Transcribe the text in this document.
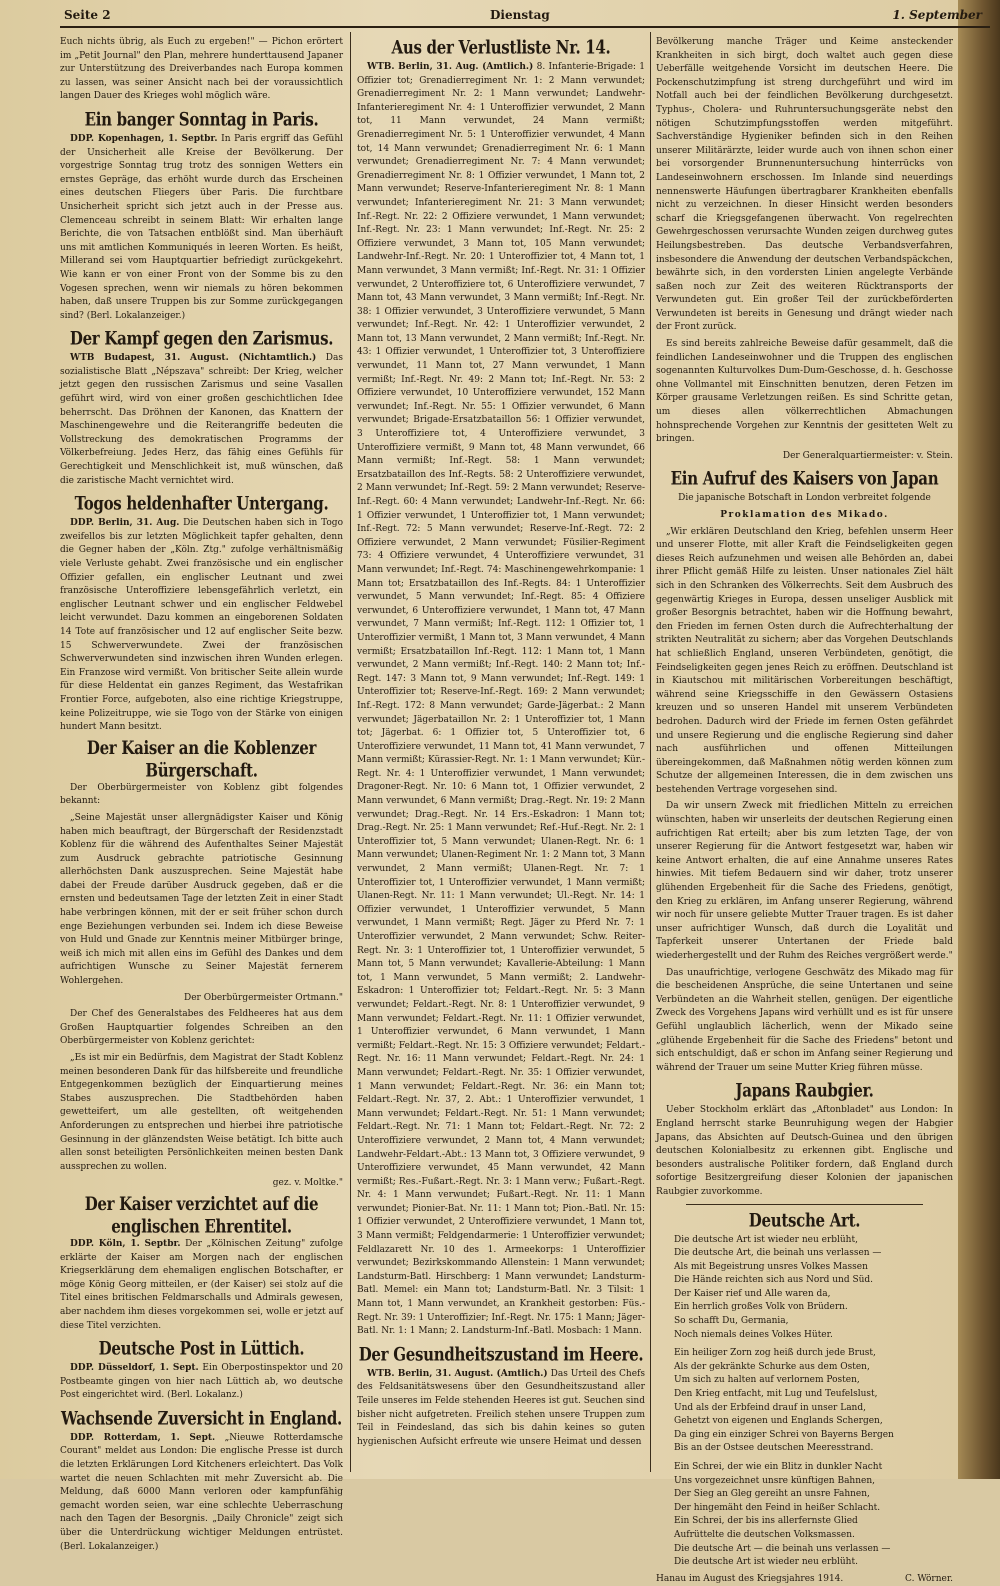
Seite 2	Dienstag	1. September

Euch nichts übrig, als Euch zu ergeben!" — Pichon erörtert im „Petit Journal" den Plan, mehrere hunderttausend Japaner zur Unterstützung des Dreiverbandes nach Europa kommen zu lassen, was seiner Ansicht nach bei der voraussichtlich langen Dauer des Krieges wohl möglich wäre.

Ein banger Sonntag in Paris.

DDP. Kopenhagen, 1. Septbr. In Paris ergriff das Gefühl der Unsicherheit alle Kreise der Bevölkerung. Der vorgestrige Sonntag trug trotz des sonnigen Wetters ein ernstes Gepräge, das erhöht wurde durch das Erscheinen eines deutschen Fliegers über Paris. Die furchtbare Unsicherheit spricht sich jetzt auch in der Presse aus. Clemenceau schreibt in seinem Blatt: Wir erhalten lange Berichte, die von Tatsachen entblößt sind. Man überhäuft uns mit amtlichen Kommuniqués in leeren Worten. Es heißt, Millerand sei vom Hauptquartier befriedigt zurückgekehrt. Wie kann er von einer Front von der Somme bis zu den Vogesen sprechen, wenn wir niemals zu hören bekommen haben, daß unsere Truppen bis zur Somme zurückgegangen sind? (Berl. Lokalanzeiger.)

Der Kampf gegen den Zarismus.

WTB Budapest, 31. August. (Nichtamtlich.) Das sozialistische Blatt „Népszava" schreibt: Der Krieg, welcher jetzt gegen den russischen Zarismus und seine Vasallen geführt wird, wird von einer großen geschichtlichen Idee beherrscht. Das Dröhnen der Kanonen, das Knattern der Maschinengewehre und die Reiterangriffe bedeuten die Vollstreckung des demokratischen Programms der Völkerbefreiung. Jedes Herz, das fähig eines Gefühls für Gerechtigkeit und Menschlichkeit ist, muß wünschen, daß die zaristische Macht vernichtet wird.

Togos heldenhafter Untergang.

DDP. Berlin, 31. Aug. Die Deutschen haben sich in Togo zweifellos bis zur letzten Möglichkeit tapfer gehalten, denn die Gegner haben der „Köln. Ztg." zufolge verhältnismäßig viele Verluste gehabt. Zwei französische und ein englischer Offizier gefallen, ein englischer Leutnant und zwei französische Unteroffiziere lebensgefährlich verletzt, ein englischer Leutnant schwer und ein englischer Feldwebel leicht verwundet. Dazu kommen an eingeborenen Soldaten 14 Tote auf französischer und 12 auf englischer Seite bezw. 15 Schwerverwundete. Zwei der französischen Schwerverwundeten sind inzwischen ihren Wunden erlegen. Ein Franzose wird vermißt. Von britischer Seite allein wurde für diese Heldentat ein ganzes Regiment, das Westafrikan Frontier Force, aufgeboten, also eine richtige Kriegstruppe, keine Polizeitruppe, wie sie Togo von der Stärke von einigen hundert Mann besitzt.

Der Kaiser an die Koblenzer Bürgerschaft.

Der Oberbürgermeister von Koblenz gibt folgendes bekannt:

„Seine Majestät unser allergnädigster Kaiser und König haben mich beauftragt, der Bürgerschaft der Residenzstadt Koblenz für die während des Aufenthaltes Seiner Majestät zum Ausdruck gebrachte patriotische Gesinnung allerhöchsten Dank auszusprechen. Seine Majestät habe dabei der Freude darüber Ausdruck gegeben, daß er die ernsten und bedeutsamen Tage der letzten Zeit in einer Stadt habe verbringen können, mit der er seit früher schon durch enge Beziehungen verbunden sei. Indem ich diese Beweise von Huld und Gnade zur Kenntnis meiner Mitbürger bringe, weiß ich mich mit allen eins im Gefühl des Dankes und dem aufrichtigen Wunsche zu Seiner Majestät fernerem Wohlergehen.

Der Oberbürgermeister Ortmann."

Der Chef des Generalstabes des Feldheeres hat aus dem Großen Hauptquartier folgendes Schreiben an den Oberbürgermeister von Koblenz gerichtet:

„Es ist mir ein Bedürfnis, dem Magistrat der Stadt Koblenz meinen besonderen Dank für das hilfsbereite und freundliche Entgegenkommen bezüglich der Einquartierung meines Stabes auszusprechen. Die Stadtbehörden haben gewetteifert, um alle gestellten, oft weitgehenden Anforderungen zu entsprechen und hierbei ihre patriotische Gesinnung in der glänzendsten Weise betätigt. Ich bitte auch allen sonst beteiligten Persönlichkeiten meinen besten Dank aussprechen zu wollen.

gez. v. Moltke."

Der Kaiser verzichtet auf die englischen Ehrentitel.

DDP. Köln, 1. Septbr. Der „Kölnischen Zeitung" zufolge erklärte der Kaiser am Morgen nach der englischen Kriegserklärung dem ehemaligen englischen Botschafter, er möge König Georg mitteilen, er (der Kaiser) sei stolz auf die Titel eines britischen Feldmarschalls und Admirals gewesen, aber nachdem ihm dieses vorgekommen sei, wolle er jetzt auf diese Titel verzichten.

Deutsche Post in Lüttich.

DDP. Düsseldorf, 1. Sept. Ein Oberpostinspektor und 20 Postbeamte gingen von hier nach Lüttich ab, wo deutsche Post eingerichtet wird. (Berl. Lokalanz.)

Wachsende Zuversicht in England.

DDP. Rotterdam, 1. Sept. „Nieuwe Rotterdamsche Courant" meldet aus London: Die englische Presse ist durch die letzten Erklärungen Lord Kitcheners erleichtert. Das Volk wartet die neuen Schlachten mit mehr Zuversicht ab. Die Meldung, daß 6000 Mann verloren oder kampfunfähig gemacht worden seien, war eine schlechte Ueberraschung nach den Tagen der Besorgnis. „Daily Chronicle" zeigt sich über die Unterdrückung wichtiger Meldungen entrüstet. (Berl. Lokalanzeiger.)

Aus der Verlustliste Nr. 14.

WTB. Berlin, 31. Aug. (Amtlich.) 8. Infanterie-Brigade: 1 Offizier tot; Grenadierregiment Nr. 1: 2 Mann verwundet; Grenadierregiment Nr. 2: 1 Mann verwundet; Landwehr-Infanterieregiment Nr. 4: 1 Unteroffizier verwundet, 2 Mann tot, 11 Mann verwundet, 24 Mann vermißt; Grenadierregiment Nr. 5: 1 Unteroffizier verwundet, 4 Mann tot, 14 Mann verwundet; Grenadierregiment Nr. 6: 1 Mann verwundet; Grenadierregiment Nr. 7: 4 Mann verwundet; Grenadierregiment Nr. 8: 1 Offizier verwundet, 1 Mann tot, 2 Mann verwundet; Reserve-Infanterieregiment Nr. 8: 1 Mann verwundet; Infanterieregiment Nr. 21: 3 Mann verwundet; Inf.-Regt. Nr. 22: 2 Offiziere verwundet, 1 Mann verwundet; Inf.-Regt. Nr. 23: 1 Mann verwundet; Inf.-Regt. Nr. 25: 2 Offiziere verwundet, 3 Mann tot, 105 Mann verwundet; Landwehr-Inf.-Regt. Nr. 20: 1 Unteroffizier tot, 4 Mann tot, 1 Mann verwundet, 3 Mann vermißt; Inf.-Regt. Nr. 31: 1 Offizier verwundet, 2 Unteroffiziere tot, 6 Unteroffiziere verwundet, 7 Mann tot, 43 Mann verwundet, 3 Mann vermißt; Inf.-Regt. Nr. 38: 1 Offizier verwundet, 3 Unteroffiziere verwundet, 5 Mann verwundet; Inf.-Regt. Nr. 42: 1 Unteroffizier verwundet, 2 Mann tot, 13 Mann verwundet, 2 Mann vermißt; Inf.-Regt. Nr. 43: 1 Offizier verwundet, 1 Unteroffizier tot, 3 Unteroffiziere verwundet, 11 Mann tot, 27 Mann verwundet, 1 Mann vermißt; Inf.-Regt. Nr. 49: 2 Mann tot; Inf.-Regt. Nr. 53: 2 Offiziere verwundet, 10 Unteroffiziere verwundet, 152 Mann verwundet; Inf.-Regt. Nr. 55: 1 Offizier verwundet, 6 Mann verwundet; Brigade-Ersatzbataillon 56: 1 Offizier verwundet, 3 Unteroffiziere tot, 4 Unteroffiziere verwundet, 3 Unteroffiziere vermißt, 9 Mann tot, 48 Mann verwundet, 66 Mann vermißt; Inf.-Regt. 58: 1 Mann verwundet; Ersatzbataillon des Inf.-Regts. 58: 2 Unteroffiziere verwundet, 2 Mann verwundet; Inf.-Regt. 59: 2 Mann verwundet; Reserve-Inf.-Regt. 60: 4 Mann verwundet; Landwehr-Inf.-Regt. Nr. 66: 1 Offizier verwundet, 1 Unteroffizier tot, 1 Mann verwundet; Inf.-Regt. 72: 5 Mann verwundet; Reserve-Inf.-Regt. 72: 2 Offiziere verwundet, 2 Mann verwundet; Füsilier-Regiment 73: 4 Offiziere verwundet, 4 Unteroffiziere verwundet, 31 Mann verwundet; Inf.-Regt. 74: Maschinengewehrkompanie: 1 Mann tot; Ersatzbataillon des Inf.-Regts. 84: 1 Unteroffizier verwundet, 5 Mann verwundet; Inf.-Regt. 85: 4 Offiziere verwundet, 6 Unteroffiziere verwundet, 1 Mann tot, 47 Mann verwundet, 7 Mann vermißt; Inf.-Regt. 112: 1 Offizier tot, 1 Unteroffizier vermißt, 1 Mann tot, 3 Mann verwundet, 4 Mann vermißt; Ersatzbataillon Inf.-Regt. 112: 1 Mann tot, 1 Mann verwundet, 2 Mann vermißt; Inf.-Regt. 140: 2 Mann tot; Inf.-Regt. 147: 3 Mann tot, 9 Mann verwundet; Inf.-Regt. 149: 1 Unteroffizier tot; Reserve-Inf.-Regt. 169: 2 Mann verwundet; Inf.-Regt. 172: 8 Mann verwundet; Garde-Jägerbat.: 2 Mann verwundet; Jägerbataillon Nr. 2: 1 Unteroffizier tot, 1 Mann tot; Jägerbat. 6: 1 Offizier tot, 5 Unteroffizier tot, 6 Unteroffiziere verwundet, 11 Mann tot, 41 Mann verwundet, 7 Mann vermißt; Kürassier-Regt. Nr. 1: 1 Mann verwundet; Kür.-Regt. Nr. 4: 1 Unteroffizier verwundet, 1 Mann verwundet; Dragoner-Regt. Nr. 10: 6 Mann tot, 1 Offizier verwundet, 2 Mann verwundet, 6 Mann vermißt; Drag.-Regt. Nr. 19: 2 Mann verwundet; Drag.-Regt. Nr. 14 Ers.-Eskadron: 1 Mann tot; Drag.-Regt. Nr. 25: 1 Mann verwundet; Ref.-Huf.-Regt. Nr. 2: 1 Unteroffizier tot, 5 Mann verwundet; Ulanen-Regt. Nr. 6: 1 Mann verwundet; Ulanen-Regiment Nr. 1: 2 Mann tot, 3 Mann verwundet, 2 Mann vermißt; Ulanen-Regt. Nr. 7: 1 Unteroffizier tot, 1 Unteroffizier verwundet, 1 Mann vermißt; Ulanen-Regt. Nr. 11: 1 Mann verwundet; Ul.-Regt. Nr. 14: 1 Offizier verwundet, 1 Unteroffizier verwundet, 5 Mann verwundet, 1 Mann vermißt; Regt. Jäger zu Pferd Nr. 7: 1 Unteroffizier verwundet, 2 Mann verwundet; Schw. Reiter-Regt. Nr. 3: 1 Unteroffizier tot, 1 Unteroffizier verwundet, 5 Mann tot, 5 Mann verwundet; Kavallerie-Abteilung: 1 Mann tot, 1 Mann verwundet, 5 Mann vermißt; 2. Landwehr-Eskadron: 1 Unteroffizier tot; Feldart.-Regt. Nr. 5: 3 Mann verwundet; Feldart.-Regt. Nr. 8: 1 Unteroffizier verwundet, 9 Mann verwundet; Feldart.-Regt. Nr. 11: 1 Offizier verwundet, 1 Unteroffizier verwundet, 6 Mann verwundet, 1 Mann vermißt; Feldart.-Regt. Nr. 15: 3 Offiziere verwundet; Feldart.-Regt. Nr. 16: 11 Mann verwundet; Feldart.-Regt. Nr. 24: 1 Mann verwundet; Feldart.-Regt. Nr. 35: 1 Offizier verwundet, 1 Mann verwundet; Feldart.-Regt. Nr. 36: ein Mann tot; Feldart.-Regt. Nr. 37, 2. Abt.: 1 Unteroffizier verwundet, 1 Mann verwundet; Feldart.-Regt. Nr. 51: 1 Mann verwundet; Feldart.-Regt. Nr. 71: 1 Mann tot; Feldart.-Regt. Nr. 72: 2 Unteroffiziere verwundet, 2 Mann tot, 4 Mann verwundet; Landwehr-Feldart.-Abt.: 13 Mann tot, 3 Offiziere verwundet, 9 Unteroffiziere verwundet, 45 Mann verwundet, 42 Mann vermißt; Res.-Fußart.-Regt. Nr. 3: 1 Mann verw.; Fußart.-Regt. Nr. 4: 1 Mann verwundet; Fußart.-Regt. Nr. 11: 1 Mann verwundet; Pionier-Bat. Nr. 11: 1 Mann tot; Pion.-Batl. Nr. 15: 1 Offizier verwundet, 2 Unteroffiziere verwundet, 1 Mann tot, 3 Mann vermißt; Feldgendarmerie: 1 Unteroffizier verwundet; Feldlazarett Nr. 10 des 1. Armeekorps: 1 Unteroffizier verwundet; Bezirkskommando Allenstein: 1 Mann verwundet; Landsturm-Batl. Hirschberg: 1 Mann verwundet; Landsturm-Batl. Memel: ein Mann tot; Landsturm-Batl. Nr. 3 Tilsit: 1 Mann tot, 1 Mann verwundet, an Krankheit gestorben: Füs.-Regt. Nr. 39: 1 Unteroffizier; Inf.-Regt. Nr. 175: 1 Mann; Jäger-Batl. Nr. 1: 1 Mann; 2. Landsturm-Inf.-Batl. Mosbach: 1 Mann.

Der Gesundheitszustand im Heere.

WTB. Berlin, 31. August. (Amtlich.) Das Urteil des Chefs des Feldsanitätswesens über den Gesundheitszustand aller Teile unseres im Felde stehenden Heeres ist gut. Seuchen sind bisher nicht aufgetreten. Freilich stehen unsere Truppen zum Teil in Feindesland, das sich bis dahin keines so guten hygienischen Aufsicht erfreute wie unsere Heimat und dessen

Bevölkerung manche Träger und Keime ansteckender Krankheiten in sich birgt, doch waltet auch gegen diese Ueberfälle weitgehende Vorsicht im deutschen Heere. Die Pockenschutzimpfung ist streng durchgeführt und wird im Notfall auch bei der feindlichen Bevölkerung durchgesetzt. Typhus-, Cholera- und Ruhruntersuchungsgeräte nebst den nötigen Schutzimpfungsstoffen werden mitgeführt. Sachverständige Hygieniker befinden sich in den Reihen unserer Militärärzte, leider wurde auch von ihnen schon einer bei vorsorgender Brunnenuntersuchung hinterrücks von Landeseinwohnern erschossen. Im Inlande sind neuerdings nennenswerte Häufungen übertragbarer Krankheiten ebenfalls nicht zu verzeichnen. In dieser Hinsicht werden besonders scharf die Kriegsgefangenen überwacht. Von regelrechten Gewehrgeschossen verursachte Wunden zeigen durchweg gutes Heilungsbestreben. Das deutsche Verbandsverfahren, insbesondere die Anwendung der deutschen Verbandspäckchen, bewährte sich, in den vordersten Linien angelegte Verbände saßen noch zur Zeit des weiteren Rücktransports der Verwundeten gut. Ein großer Teil der zurückbeförderten Verwundeten ist bereits in Genesung und drängt wieder nach der Front zurück.

Es sind bereits zahlreiche Beweise dafür gesammelt, daß die feindlichen Landeseinwohner und die Truppen des englischen sogenannten Kulturvolkes Dum-Dum-Geschosse, d. h. Geschosse ohne Vollmantel mit Einschnitten benutzen, deren Fetzen im Körper grausame Verletzungen reißen. Es sind Schritte getan, um dieses allen völkerrechtlichen Abmachungen hohnsprechende Vorgehen zur Kenntnis der gesitteten Welt zu bringen.

Der Generalquartiermeister: v. Stein.

Ein Aufruf des Kaisers von Japan

Die japanische Botschaft in London verbreitet folgende

Proklamation des Mikado.

„Wir erklären Deutschland den Krieg, befehlen unserm Heer und unserer Flotte, mit aller Kraft die Feindseligkeiten gegen dieses Reich aufzunehmen und weisen alle Behörden an, dabei ihrer Pflicht gemäß Hilfe zu leisten. Unser nationales Ziel hält sich in den Schranken des Völkerrechts. Seit dem Ausbruch des gegenwärtig Krieges in Europa, dessen unseliger Ausblick mit großer Besorgnis betrachtet, haben wir die Hoffnung bewahrt, den Frieden im fernen Osten durch die Aufrechterhaltung der strikten Neutralität zu sichern; aber das Vorgehen Deutschlands hat schließlich England, unseren Verbündeten, genötigt, die Feindseligkeiten gegen jenes Reich zu eröffnen. Deutschland ist in Kiautschou mit militärischen Vorbereitungen beschäftigt, während seine Kriegsschiffe in den Gewässern Ostasiens kreuzen und so unseren Handel mit unserem Verbündeten bedrohen. Dadurch wird der Friede im fernen Osten gefährdet und unsere Regierung und die englische Regierung sind daher nach ausführlichen und offenen Mitteilungen übereingekommen, daß Maßnahmen nötig werden können zum Schutze der allgemeinen Interessen, die in dem zwischen uns bestehenden Vertrage vorgesehen sind.

Da wir unsern Zweck mit friedlichen Mitteln zu erreichen wünschten, haben wir unserleits der deutschen Regierung einen aufrichtigen Rat erteilt; aber bis zum letzten Tage, der von unserer Regierung für die Antwort festgesetzt war, haben wir keine Antwort erhalten, die auf eine Annahme unseres Rates hinwies. Mit tiefem Bedauern sind wir daher, trotz unserer glühenden Ergebenheit für die Sache des Friedens, genötigt, den Krieg zu erklären, im Anfang unserer Regierung, während wir noch für unsere geliebte Mutter Trauer tragen. Es ist daher unser aufrichtiger Wunsch, daß durch die Loyalität und Tapferkeit unserer Untertanen der Friede bald wiederhergestellt und der Ruhm des Reiches vergrößert werde."

Das unaufrichtige, verlogene Geschwätz des Mikado mag für die bescheidenen Ansprüche, die seine Untertanen und seine Verbündeten an die Wahrheit stellen, genügen. Der eigentliche Zweck des Vorgehens Japans wird verhüllt und es ist für unsere Gefühl unglaublich lächerlich, wenn der Mikado seine „glühende Ergebenheit für die Sache des Friedens" betont und sich entschuldigt, daß er schon im Anfang seiner Regierung und während der Trauer um seine Mutter Krieg führen müsse.

Japans Raubgier.

Ueber Stockholm erklärt das „Aftonbladet" aus London: In England herrscht starke Beunruhigung wegen der Habgier Japans, das Absichten auf Deutsch-Guinea und den übrigen deutschen Kolonialbesitz zu erkennen gibt. Englische und besonders australische Politiker fordern, daß England durch sofortige Besitzergreifung dieser Kolonien der japanischen Raubgier zuvorkomme.

Deutsche Art.
Die deutsche Art ist wieder neu erblüht,
Die deutsche Art, die beinah uns verlassen —
Als mit Begeistrung unsres Volkes Massen
Die Hände reichten sich aus Nord und Süd.
Der Kaiser rief und Alle waren da,
Ein herrlich großes Volk von Brüdern.
So schafft Du, Germania,
Noch niemals deines Volkes Hüter.
Ein heiliger Zorn zog heiß durch jede Brust,
Als der gekränkte Schurke aus dem Osten,
Um sich zu halten auf verlornem Posten,
Den Krieg entfacht, mit Lug und Teufelslust,
Und als der Erbfeind drauf in unser Land,
Gehetzt von eigenen und Englands Schergen,
Da ging ein einziger Schrei von Bayerns Bergen
Bis an der Ostsee deutschen Meeresstrand.
Ein Schrei, der wie ein Blitz in dunkler Nacht
Uns vorgezeichnet unsre künftigen Bahnen,
Der Sieg an Gleg gereiht an unsre Fahnen,
Der hingemäht den Feind in heißer Schlacht.
Ein Schrei, der bis ins allerfernste Glied
Aufrüttelte die deutschen Volksmassen.
Die deutsche Art — die beinah uns verlassen —
Die deutsche Art ist wieder neu erblüht.
Hanau im August des Kriegsjahres 1914.	C. Wörner.
